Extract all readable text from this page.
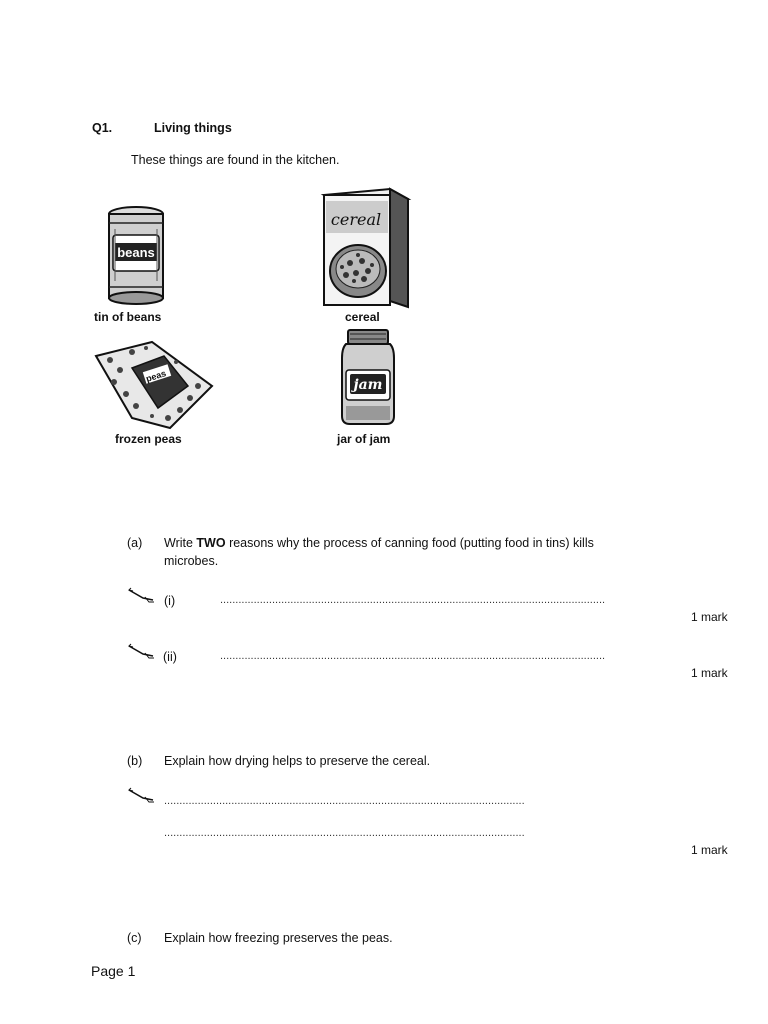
Q1.	Living things
These things are found in the kitchen.
beans
tin of beans
cereal
cereal
peas
frozen peas
jam
jar of jam
(a) Write TWO reasons why the process of canning food (putting food in tins) kills
microbes.
(i)	..............................................................................................................................
1 mark
(ii)	..............................................................................................................................
1 mark
(b) Explain how drying helps to preserve the cereal.
......................................................................................................................
......................................................................................................................
1 mark
(c) Explain how freezing preserves the peas.
Page 1
